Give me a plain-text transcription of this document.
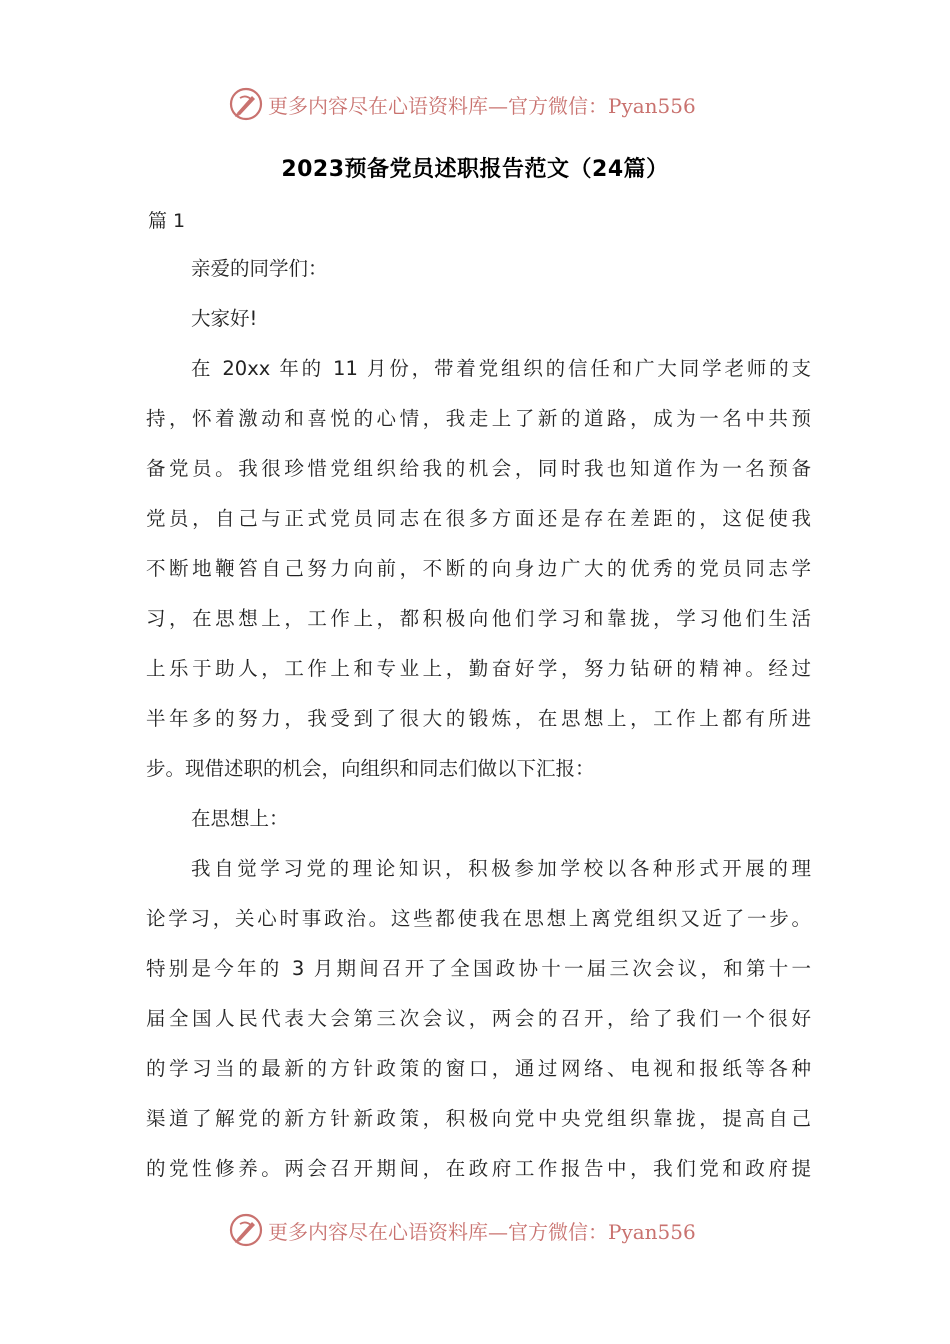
更多内容尽在心语资料库—官方微信：Pyan556
2023预备党员述职报告范文（24篇）
篇 1
亲爱的同学们：
大家好!
在 20xx 年的 11 月份，带着党组织的信任和广大同学老师的支
持，怀着激动和喜悦的心情，我走上了新的道路，成为一名中共预
备党员。我很珍惜党组织给我的机会，同时我也知道作为一名预备
党员，自己与正式党员同志在很多方面还是存在差距的，这促使我
不断地鞭笞自己努力向前，不断的向身边广大的优秀的党员同志学
习，在思想上，工作上，都积极向他们学习和靠拢，学习他们生活
上乐于助人，工作上和专业上，勤奋好学，努力钻研的精神。经过
半年多的努力，我受到了很大的锻炼，在思想上，工作上都有所进
步。现借述职的机会，向组织和同志们做以下汇报：
在思想上：
我自觉学习党的理论知识，积极参加学校以各种形式开展的理
论学习，关心时事政治。这些都使我在思想上离党组织又近了一步。
特别是今年的 3 月期间召开了全国政协十一届三次会议，和第十一
届全国人民代表大会第三次会议，两会的召开，给了我们一个很好
的学习当的最新的方针政策的窗口，通过网络、电视和报纸等各种
渠道了解党的新方针新政策，积极向党中央党组织靠拢，提高自己
的党性修养。两会召开期间，在政府工作报告中，我们党和政府提
更多内容尽在心语资料库—官方微信：Pyan556
